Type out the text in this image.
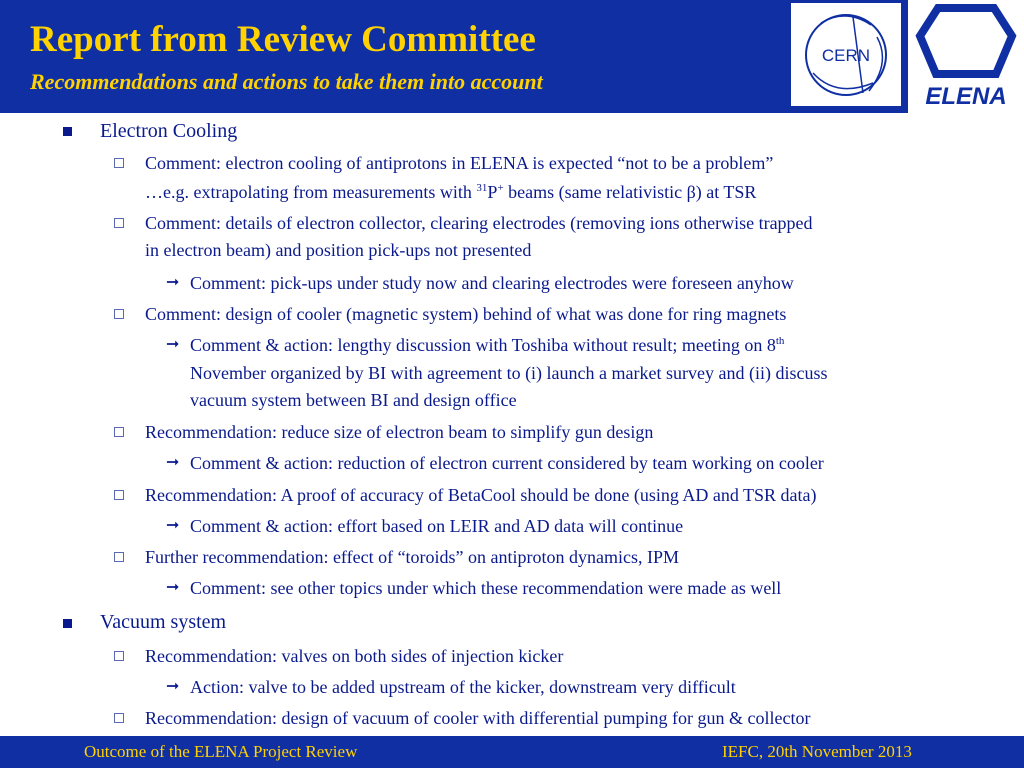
Report from Review Committee
Recommendations and actions to take them into account
CERN
ELENA
Electron Cooling
Comment: electron cooling of antiprotons in ELENA is expected “not to be a problem”
…e.g. extrapolating from measurements with $^{31}$P+ beams (same relativistic β) at TSR
Comment: details of electron collector, clearing electrodes (removing ions otherwise trapped
in electron beam) and position pick-ups not presented
➞ Comment: pick-ups under study now and clearing electrodes were foreseen anyhow
Comment: design of cooler (magnetic system) behind of what was done for ring magnets
➞ Comment & action: lengthy discussion with Toshiba without result; meeting on 8th
November organized by BI with agreement to (i) launch a market survey and (ii) discuss
vacuum system between BI and design office
Recommendation: reduce size of electron beam to simplify gun design
➞ Comment & action: reduction of electron current considered by team working on cooler
Recommendation: A proof of accuracy of BetaCool should be done (using AD and TSR data)
➞ Comment & action: effort based on LEIR and AD data will continue
Further recommendation: effect of “toroids” on antiproton dynamics, IPM
➞ Comment: see other topics under which these recommendation were made as well
Vacuum system
Recommendation: valves on both sides of injection kicker
➞ Action: valve to be added upstream of the kicker, downstream very difficult
Recommendation: design of vacuum of cooler with differential pumping for gun & collector
Outcome of the ELENA Project Review	IEFC, 20th November 2013
